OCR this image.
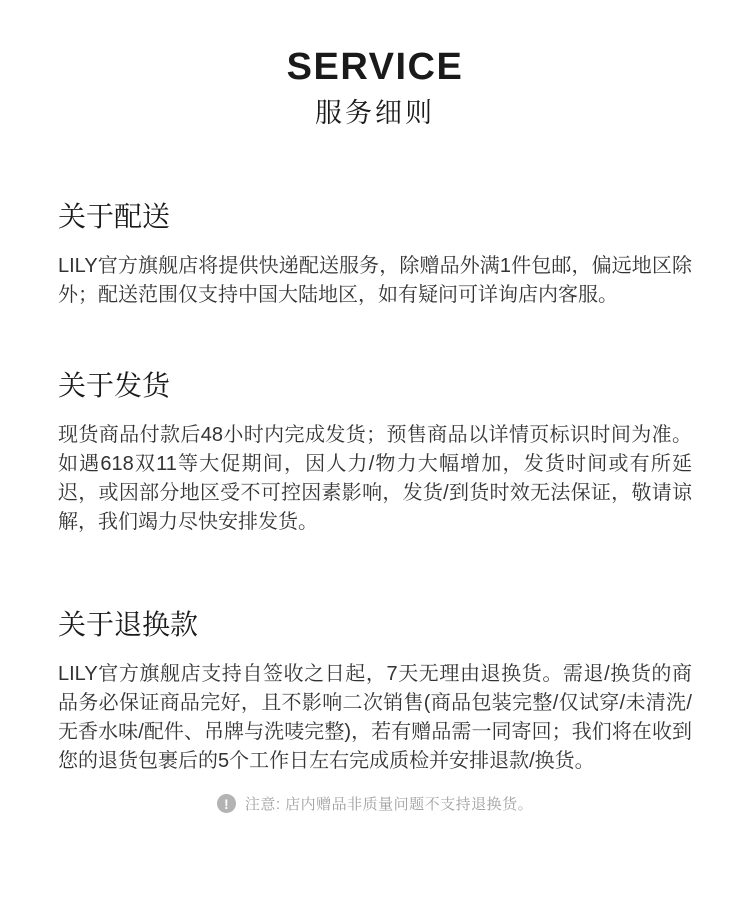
SERVICE
服务细则
关于配送

LILY官方旗舰店将提供快递配送服务，除赠品外满1件包邮，偏远地区除外；配送范围仅支持中国大陆地区，如有疑问可详询店内客服。

关于发货

现货商品付款后48小时内完成发货；预售商品以详情页标识时间为准。如遇618双11等大促期间，因人力/物力大幅增加，发货时间或有所延迟，或因部分地区受不可控因素影响，发货/到货时效无法保证，敬请谅解，我们竭力尽快安排发货。

关于退换款

LILY官方旗舰店支持自签收之日起，7天无理由退换货。需退/换货的商品务必保证商品完好，且不影响二次销售(商品包装完整/仅试穿/未清洗/无香水味/配件、吊牌与洗唛完整)，若有赠品需一同寄回；我们将在收到您的退货包裹后的5个工作日左右完成质检并安排退款/换货。

!	注意: 店内赠品非质量问题不支持退换货。
